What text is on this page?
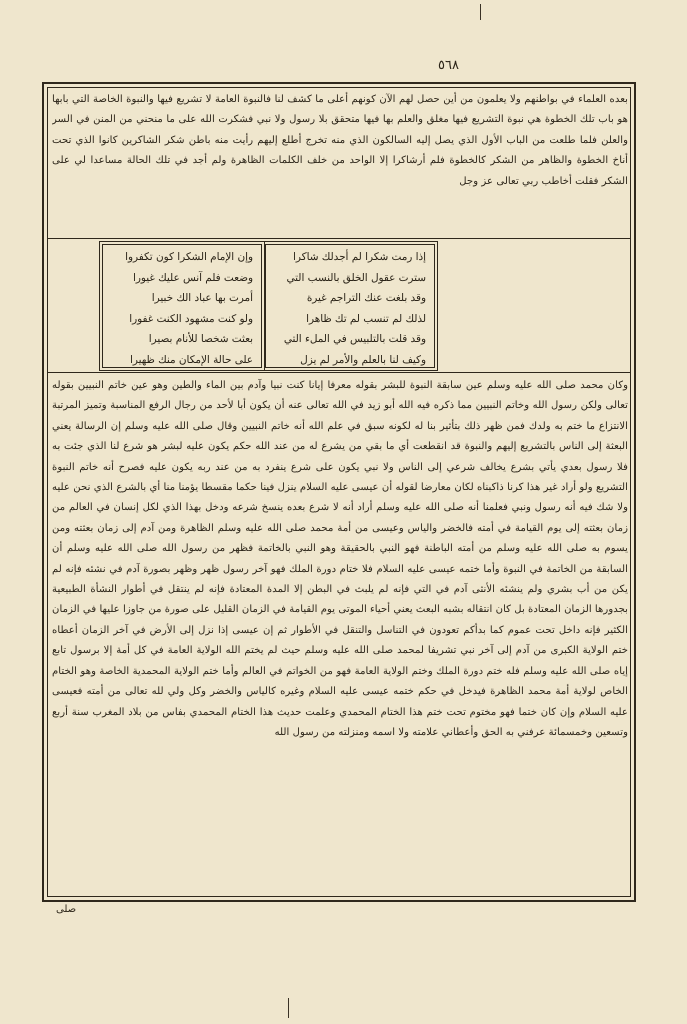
٥٦٨

بعده العلماء في بواطنهم ولا يعلمون من أين حصل لهم الآن كونهم أعلى ما كشف لنا فالنبوة العامة لا تشريع فيها والنبوة الخاصة التي بابها هو باب تلك الخطوة هي نبوة التشريع فيها مغلق والعلم بها فيها متحقق بلا رسول ولا نبي فشكرت الله على ما منحني من المنن في السر والعلن فلما طلعت من الباب الأول الذي يصل إليه السالكون الذي منه تخرج أطلع إليهم رأيت منه باطن شكر الشاكرين كانوا الذي تحت أناخ الخطوة والظاهر من الشكر كالخطوة فلم أرشاكرا إلا الواحد من خلف الكلمات الظاهرة ولم أجد في تلك الحالة مساعدا لي على الشكر فقلت أخاطب ربي تعالى عز وجل

إذا رمت شكرا لم أجدلك شاكرا
سترت عقول الخلق بالنسب التي
وقد بلغت عنك التراجم غيرة
لذلك لم تنسب لم تك ظاهرا
وقد قلت بالتلبيس في الملء التي
وكيف لنا بالعلم والأمر لم يزل
وإن الإمام الشكرا كون تكفروا
وضعت فلم آنس عليك غيورا
أمرت بها عباد الك خبيرا
ولو كنت مشهود الكنت غفورا
بعثت شخصا للأنام بصيرا
على حالة الإمكان منك ظهيرا

وكان محمد صلى الله عليه وسلم عين سابقة النبوة للبشر بقوله معرفا إيانا كنت نبيا وآدم بين الماء والطين وهو عين خاتم النبيين بقوله تعالى ولكن رسول الله وخاتم النبيين مما ذكره فيه الله أبو زيد في الله تعالى عنه أن يكون أبا لأحد من رجال الرفع المناسبة وتميز المرتبة الانتزاع ما ختم به ولدك فمن ظهر ذلك بتأثير بنا له لكونه سبق في علم الله أنه خاتم النبيين وقال صلى الله عليه وسلم إن الرسالة يعني البعثة إلى الناس بالتشريع إليهم والنبوة قد انقطعت أي ما بقي من يشرع له من عند الله حكم يكون عليه لبشر هو شرع لنا الذي جئت به فلا رسول بعدي يأتي بشرع يخالف شرعي إلى الناس ولا نبي يكون على شرع ينفرد به من عند ربه يكون عليه فصرح أنه خاتم النبوة التشريع ولو أراد غير هذا كرنا ذاكبناه لكان معارضا لقوله أن عيسى عليه السلام ينزل فينا حكما مقسطا يؤمنا منا أي بالشرع الذي نحن عليه ولا شك فيه أنه رسول ونبي فعلمنا أنه صلى الله عليه وسلم أراد أنه لا شرع بعده ينسخ شرعه ودخل بهذا الذي لكل إنسان في العالم من زمان بعثته إلى يوم القيامة في أمته فالخضر والياس وعيسى من أمة محمد صلى الله عليه وسلم الظاهرة ومن آدم إلى زمان بعثته ومن يسوم به صلى الله عليه وسلم من أمته الباطنة فهو النبي بالحقيقة وهو النبي بالخاتمة فظهر من رسول الله صلى الله عليه وسلم أن السابقة من الخاتمة في النبوة وأما ختمه عيسى عليه السلام فلا ختام دورة الملك فهو آخر رسول ظهر وظهر بصورة آدم في نشئه فإنه لم يكن من أب بشري ولم ينشئه الأنثى آدم في التي فإنه لم يلبث في البطن إلا المدة المعتادة فإنه لم ينتقل في أطوار النشأة الطبيعية بجدورها الزمان المعتادة بل كان انتقاله بشبه البعث يعني أحياء الموتى يوم القيامة في الزمان القليل على صورة من جاوزا عليها في الزمان الكثير فإنه داخل تحت عموم كما بدأكم تعودون في التناسل والتنقل في الأطوار ثم إن عيسى إذا نزل إلى الأرض في آخر الزمان أعطاه ختم الولاية الكبرى من آدم إلى آخر نبي تشريفا لمحمد صلى الله عليه وسلم حيث لم يختم الله الولاية العامة في كل أمة إلا برسول تابع إياه صلى الله عليه وسلم فله ختم دورة الملك وختم الولاية العامة فهو من الخواتم في العالم وأما ختم الولاية المحمدية الخاصة وهو الختام الخاص لولاية أمة محمد الظاهرة فيدخل في حكم ختمه عيسى عليه السلام وغيره كالياس والخضر وكل ولي لله تعالى من أمته فعيسى عليه السلام وإن كان ختما فهو مختوم تحت ختم هذا الختام المحمدي وعلمت حديث هذا الختام المحمدي بفاس من بلاد المغرب سنة أربع وتسعين وخمسمائة عرفني به الحق وأعطاني علامته ولا اسمه ومنزلته من رسول الله

صلى
